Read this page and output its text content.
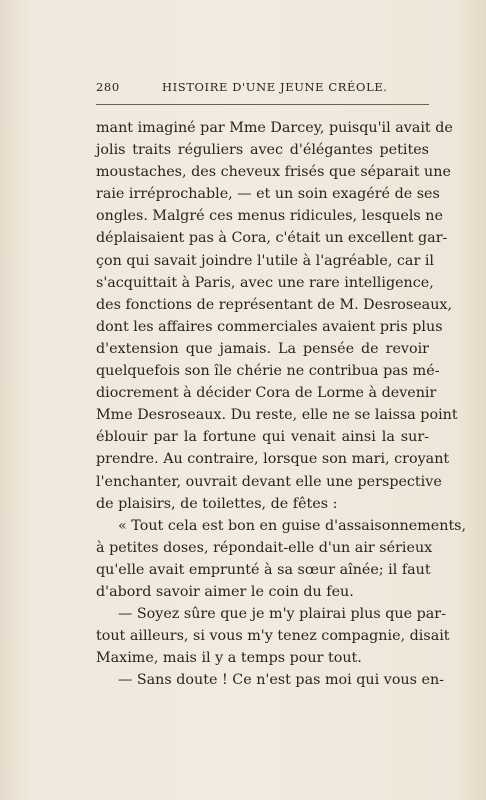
280	HISTOIRE D'UNE JEUNE CRÉOLE.
mant imaginé par Mme Darcey, puisqu'il avait de
jolis traits réguliers avec d'élégantes petites
moustaches, des cheveux frisés que séparait une
raie irréprochable, — et un soin exagéré de ses
ongles. Malgré ces menus ridicules, lesquels ne
déplaisaient pas à Cora, c'était un excellent gar-
çon qui savait joindre l'utile à l'agréable, car il
s'acquittait à Paris, avec une rare intelligence,
des fonctions de représentant de M. Desroseaux,
dont les affaires commerciales avaient pris plus
d'extension que jamais. La pensée de revoir
quelquefois son île chérie ne contribua pas mé-
diocrement à décider Cora de Lorme à devenir
Mme Desroseaux. Du reste, elle ne se laissa point
éblouir par la fortune qui venait ainsi la sur-
prendre. Au contraire, lorsque son mari, croyant
l'enchanter, ouvrait devant elle une perspective
de plaisirs, de toilettes, de fêtes :
« Tout cela est bon en guise d'assaisonnements,
à petites doses, répondait-elle d'un air sérieux
qu'elle avait emprunté à sa sœur aînée; il faut
d'abord savoir aimer le coin du feu.
— Soyez sûre que je m'y plairai plus que par-
tout ailleurs, si vous m'y tenez compagnie, disait
Maxime, mais il y a temps pour tout.
— Sans doute ! Ce n'est pas moi qui vous en-
